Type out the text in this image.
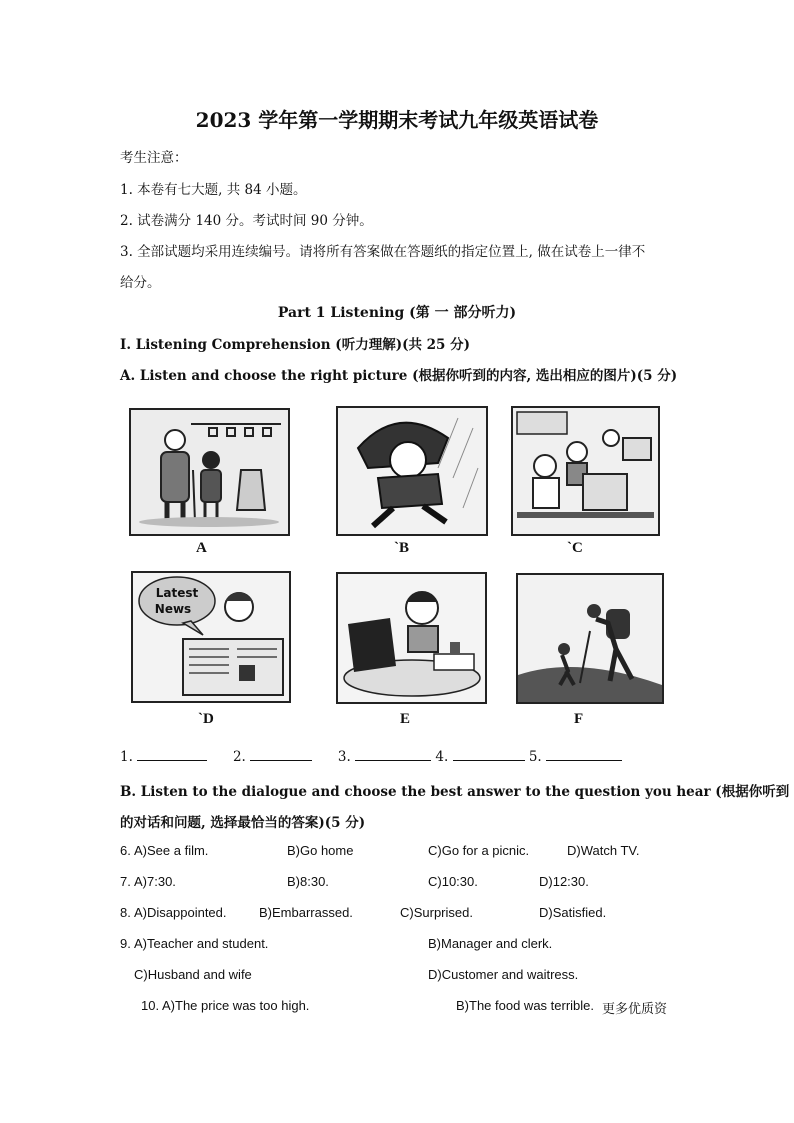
2023 学年第一学期期末考试九年级英语试卷
考生注意：
1. 本卷有七大题, 共 84 小题。
2. 试卷满分 140 分。考试时间 90 分钟。
3. 全部试题均采用连续编号。请将所有答案做在答题纸的指定位置上, 做在试卷上一律不
给分。
Part 1 Listening (第 一 部分听力)
I. Listening Comprehension (听力理解)(共 25 分)
A. Listen and choose the right picture (根据你听到的内容, 选出相应的图片)(5 分)
A	`B	`C
Latest
News
`D	E	F
1.	2.	3.	4.	5.
B. Listen to the dialogue and choose the best answer to the question you hear (根据你听到
的对话和问题, 选择最恰当的答案)(5 分)
6. A)See a film.	B)Go home	C)Go for a picnic.	D)Watch TV.
7. A)7:30.	B)8:30.	C)10:30.	D)12:30.
8. A)Disappointed.	B)Embarrassed.	C)Surprised.	D)Satisfied.
9. A)Teacher and student.	B)Manager and clerk.
C)Husband and wife	D)Customer and waitress.
10. A)The price was too high.	B)The food was terrible. 更多优质资
